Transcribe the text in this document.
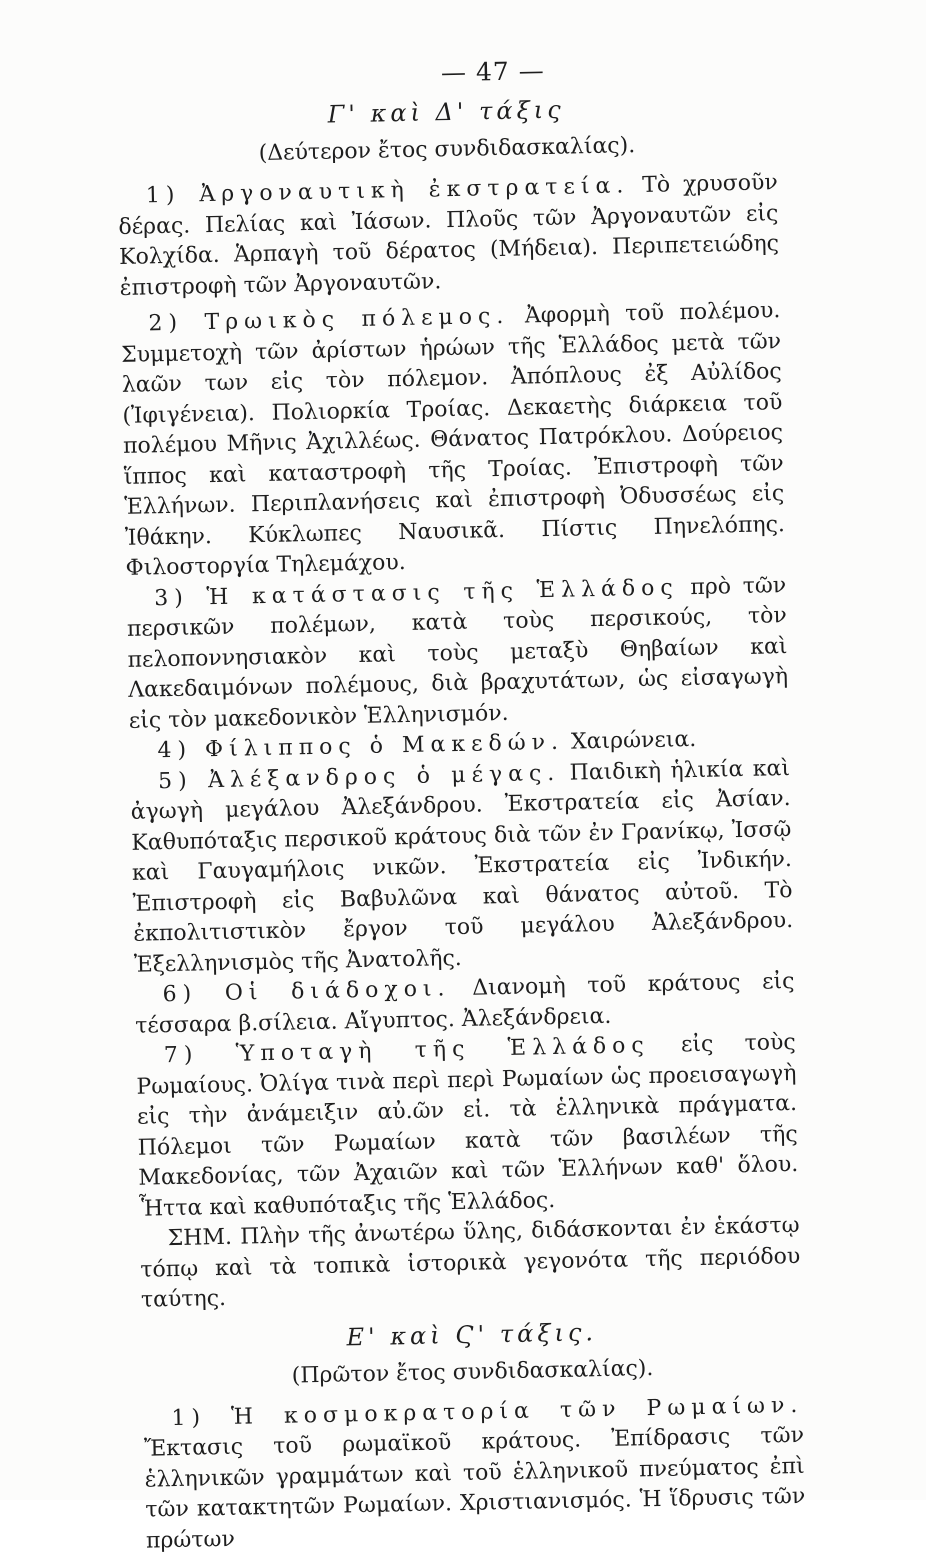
— 47 —
Γ' καὶ Δ' τάξις
(Δεύτερον ἔτος συνδιδασκαλίας).

1) Ἀργοναυτικὴ ἐκστρατεία. Τὸ χρυσοῦν δέρας. Πελίας καὶ Ἰάσων. Πλοῦς τῶν Ἀργοναυτῶν εἰς Κολχίδα. Ἁρπαγὴ τοῦ δέρατος (Μήδεια). Περιπετειώδης ἐπιστροφὴ τῶν Ἀργοναυτῶν.

2) Τρωικὸς πόλεμος. Ἀφορμὴ τοῦ πολέμου. Συμμετοχὴ τῶν ἀρίστων ἡρώων τῆς Ἑλλάδος μετὰ τῶν λαῶν των εἰς τὸν πόλεμον. Ἀπόπλους ἐξ Αὐλίδος (Ἰφιγένεια). Πολιορκία Τροίας. Δεκαετὴς διάρκεια τοῦ πολέμου Μῆνις Ἀχιλλέως. Θάνατος Πατρόκλου. Δούρειος ἵππος καὶ καταστροφὴ τῆς Τροίας. Ἐπιστροφὴ τῶν Ἑλλήνων. Περιπλανήσεις καὶ ἐπιστροφὴ Ὀδυσσέως εἰς Ἰθάκην. Κύκλωπες Ναυσικᾶ. Πίστις Πηνελόπης. Φιλοστοργία Τηλεμάχου.

3) Ἡ κατάστασις τῆς Ἑλλάδος πρὸ τῶν περσικῶν πολέμων, κατὰ τοὺς περσικούς, τὸν πελοποννησιακὸν καὶ τοὺς μεταξὺ Θηβαίων καὶ Λακεδαιμόνων πολέμους, διὰ βραχυτάτων, ὡς εἰσαγωγὴ εἰς τὸν μακεδονικὸν Ἑλληνισμόν.

4) Φίλιππος ὁ Μακεδών. Χαιρώνεια.

5) Ἀλέξανδρος ὁ μέγας. Παιδικὴ ἡλικία καὶ ἀγωγὴ μεγάλου Ἀλεξάνδρου. Ἐκστρατεία εἰς Ἀσίαν. Καθυπόταξις περσικοῦ κράτους διὰ τῶν ἐν Γρανίκῳ, Ἰσσῷ καὶ Γαυγαμήλοις νικῶν. Ἐκστρατεία εἰς Ἰνδικήν. Ἐπιστροφὴ εἰς Βαβυλῶνα καὶ θάνατος αὐτοῦ. Τὸ ἐκπολιτιστικὸν ἔργον τοῦ μεγάλου Ἀλεξάνδρου. Ἐξελληνισμὸς τῆς Ἀνατολῆς.

6) Οἱ διάδοχοι. Διανομὴ τοῦ κράτους εἰς τέσσαρα β.σίλεια. Αἴγυπτος. Ἀλεξάνδρεια.

7) Ὑποταγὴ τῆς Ἑλλάδος εἰς τοὺς Ρωμαίους. Ὀλίγα τινὰ περὶ περὶ Ρωμαίων ὡς προεισαγωγὴ εἰς τὴν ἀνάμειξιν αὐ.ῶν εἰ. τὰ ἑλληνικὰ πράγματα. Πόλεμοι τῶν Ρωμαίων κατὰ τῶν βασιλέων τῆς Μακεδονίας, τῶν Ἀχαιῶν καὶ τῶν Ἑλλήνων καθ' ὅλου. Ἧττα καὶ καθυπόταξις τῆς Ἑλλάδος.

ΣΗΜ. Πλὴν τῆς ἀνωτέρω ὕλης, διδάσκονται ἐν ἑκάστῳ τόπῳ καὶ τὰ τοπικὰ ἱστορικὰ γεγονότα τῆς περιόδου ταύτης.

Ε' καὶ Ϛ' τάξις.
(Πρῶτον ἔτος συνδιδασκαλίας).

1) Ἡ κοσμοκρατορία τῶν Ρωμαίων. Ἔκτασις τοῦ ρωμαϊκοῦ κράτους. Ἐπίδρασις τῶν ἑλληνικῶν γραμμάτων καὶ τοῦ ἑλληνικοῦ πνεύματος ἐπὶ τῶν κατακτητῶν Ρωμαίων. Χριστιανισμός. Ἡ ἵδρυσις τῶν πρώτων
